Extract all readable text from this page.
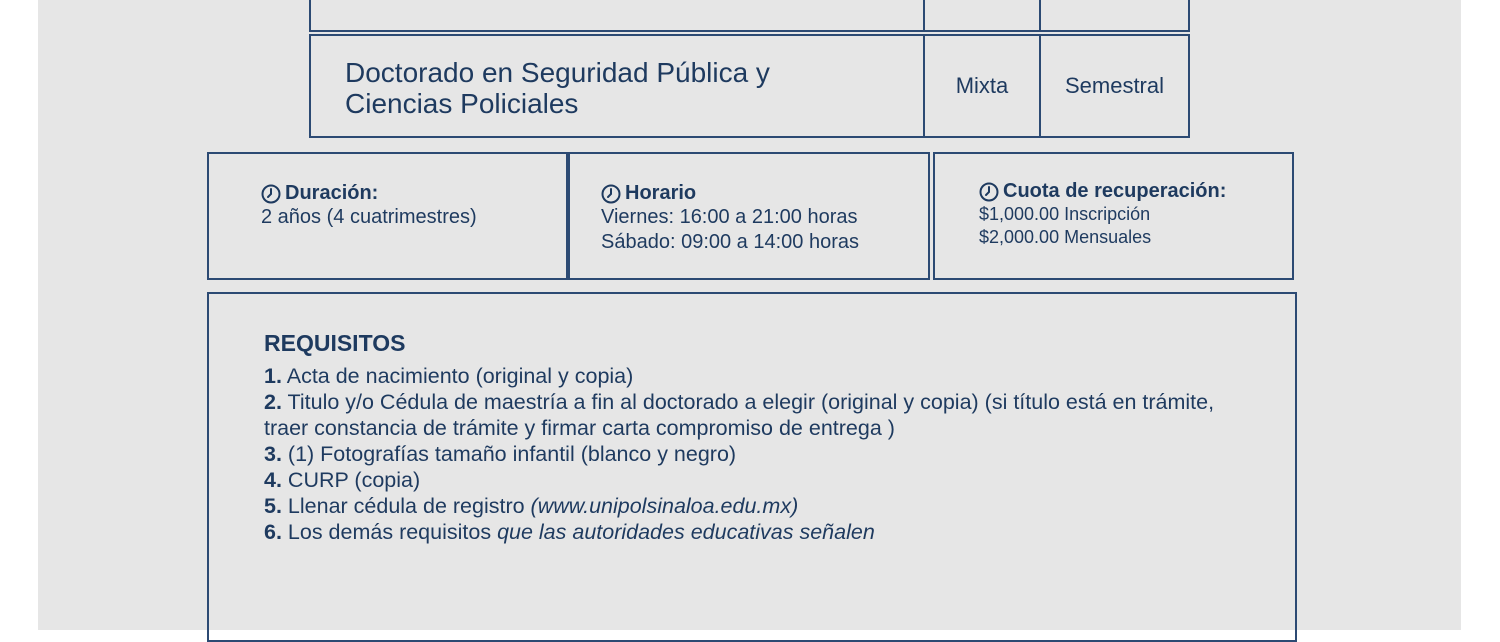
Doctorado en Seguridad Pública y
Ciencias Policiales
Mixta	Semestral
Duración:
2 años (4 cuatrimestres)
Horario
Viernes: 16:00 a 21:00 horas
Sábado: 09:00 a 14:00 horas
Cuota de recuperación:
$1,000.00 Inscripción
$2,000.00 Mensuales
REQUISITOS
1. Acta de nacimiento (original y copia)
2. Titulo y/o Cédula de maestría a fin al doctorado a elegir (original y copia) (si título está en trámite, traer constancia de trámite y firmar carta compromiso de entrega )
3. (1) Fotografías tamaño infantil (blanco y negro)
4. CURP (copia)
5. Llenar cédula de registro (www.unipolsinaloa.edu.mx)
6. Los demás requisitos que las autoridades educativas señalen
